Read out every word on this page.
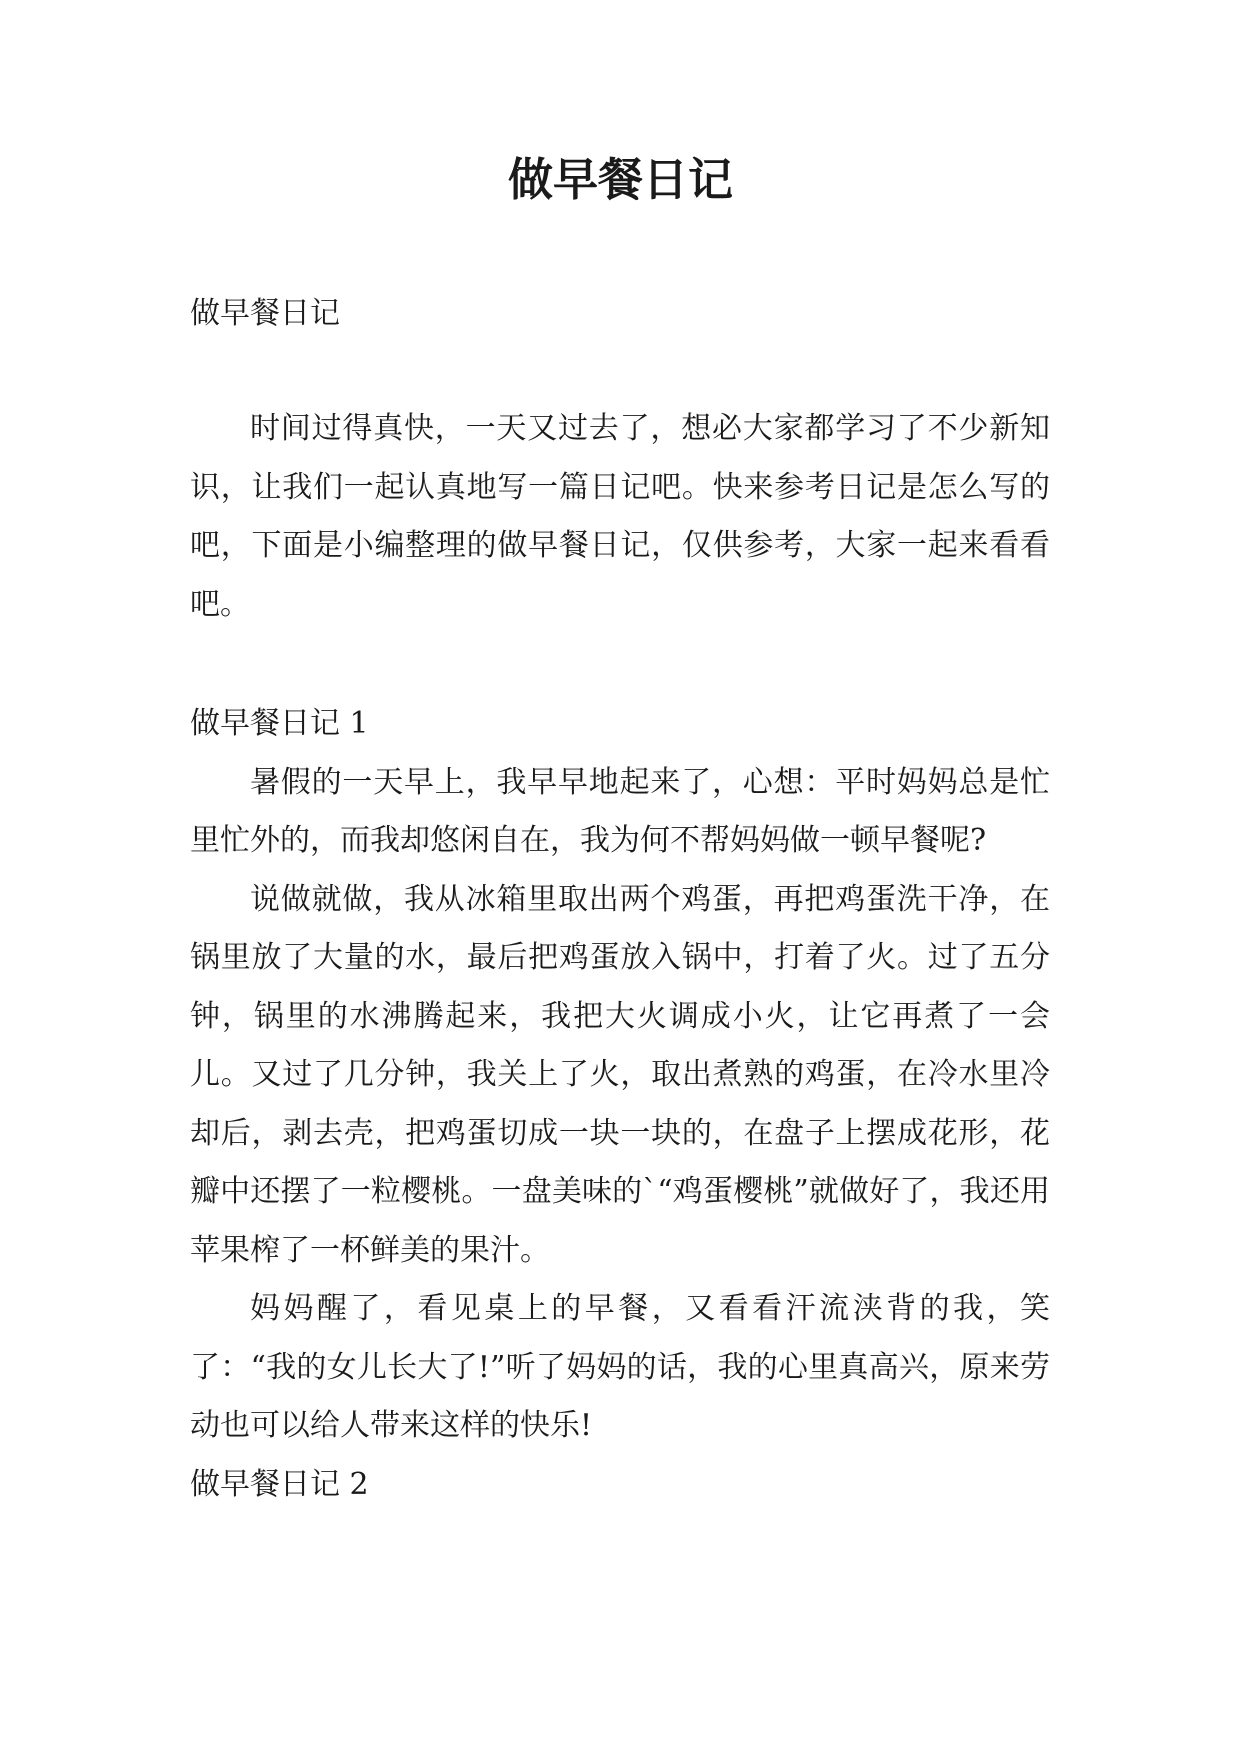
做早餐日记
做早餐日记

时间过得真快，一天又过去了，想必大家都学习了不少新知识，让我们一起认真地写一篇日记吧。快来参考日记是怎么写的吧，下面是小编整理的做早餐日记，仅供参考，大家一起来看看吧。

做早餐日记 1

暑假的一天早上，我早早地起来了，心想：平时妈妈总是忙里忙外的，而我却悠闲自在，我为何不帮妈妈做一顿早餐呢?

说做就做，我从冰箱里取出两个鸡蛋，再把鸡蛋洗干净，在锅里放了大量的水，最后把鸡蛋放入锅中，打着了火。过了五分钟，锅里的水沸腾起来，我把大火调成小火，让它再煮了一会儿。又过了几分钟，我关上了火，取出煮熟的鸡蛋，在冷水里冷却后，剥去壳，把鸡蛋切成一块一块的，在盘子上摆成花形，花瓣中还摆了一粒樱桃。一盘美味的`“鸡蛋樱桃”就做好了，我还用苹果榨了一杯鲜美的果汁。

妈妈醒了，看见桌上的早餐，又看看汗流浃背的我，笑了：“我的女儿长大了!”听了妈妈的话，我的心里真高兴，原来劳动也可以给人带来这样的快乐!

做早餐日记 2
